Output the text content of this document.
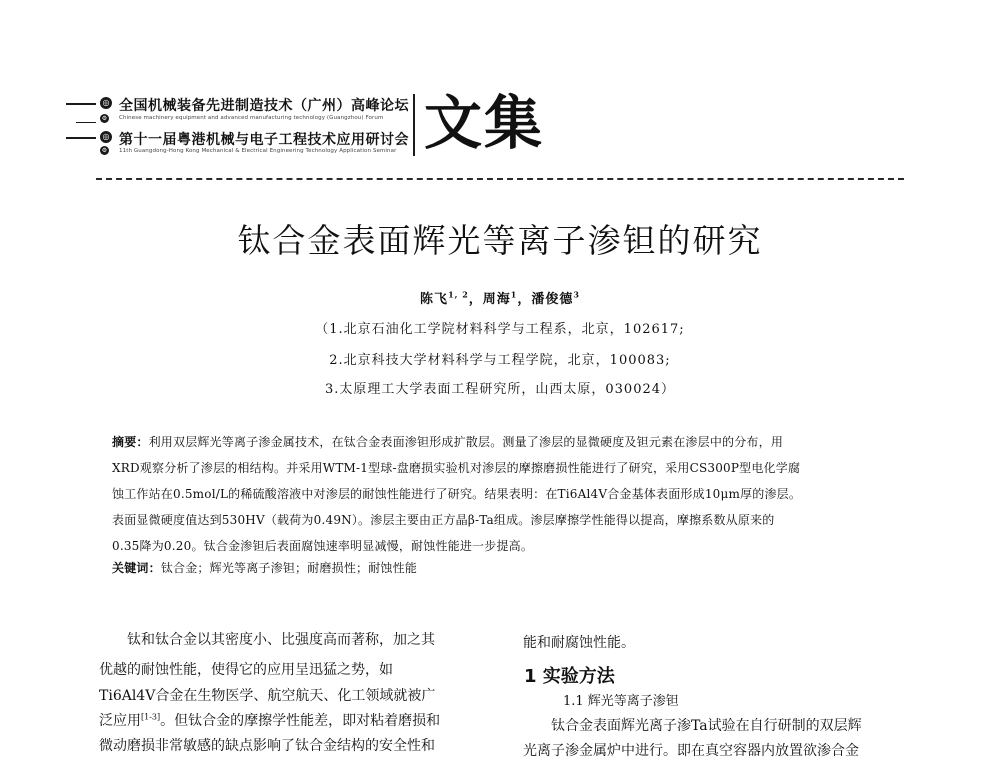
◎
⚙
◎
⚙
全国机械装备先进制造技术（广州）高峰论坛
Chinese machinery equipment and advanced manufacturing technology (Guangzhou) Forum
第十一届粤港机械与电子工程技术应用研讨会
11th Guangdong-Hong Kong Mechanical & Electrical Engineering Technology Application Seminar 文集
钛合金表面辉光等离子渗钽的研究
陈飞$^{1, 2}$，周海$^1$，潘俊德$^3$
（1.北京石油化工学院材料科学与工程系，北京，102617;
2.北京科技大学材料科学与工程学院，北京，100083;
3.太原理工大学表面工程研究所，山西太原，030024）
摘要：利用双层辉光等离子渗金属技术，在钛合金表面渗钽形成扩散层。测量了渗层的显微硬度及钽元素在渗层中的分布，用
XRD观察分析了渗层的相结构。并采用WTM-1型球-盘磨损实验机对渗层的摩擦磨损性能进行了研究，采用CS300P型电化学腐
蚀工作站在0.5mol/L的稀硫酸溶液中对渗层的耐蚀性能进行了研究。结果表明：在Ti6Al4V合金基体表面形成10μm厚的渗层。
表面显微硬度值达到530HV（载荷为0.49N）。渗层主要由正方晶β-Ta组成。渗层摩擦学性能得以提高，摩擦系数从原来的
0.35降为0.20。钛合金渗钽后表面腐蚀速率明显减慢，耐蚀性能进一步提高。
关键词：钛合金；辉光等离子渗钽；耐磨损性；耐蚀性能
　　钛和钛合金以其密度小、比强度高而著称，加之其
优越的耐蚀性能，使得它的应用呈迅猛之势，如
Ti6Al4V合金在生物医学、航空航天、化工领域就被广
泛应用[1-3]。但钛合金的摩擦学性能差，即对粘着磨损和
微动磨损非常敏感的缺点影响了钛合金结构的安全性和
能和耐腐蚀性能。
1 实验方法
1.1 辉光等离子渗钽
　　钛合金表面辉光离子渗Ta试验在自行研制的双层辉
光离子渗金属炉中进行。即在真空容器内放置欲渗合金
